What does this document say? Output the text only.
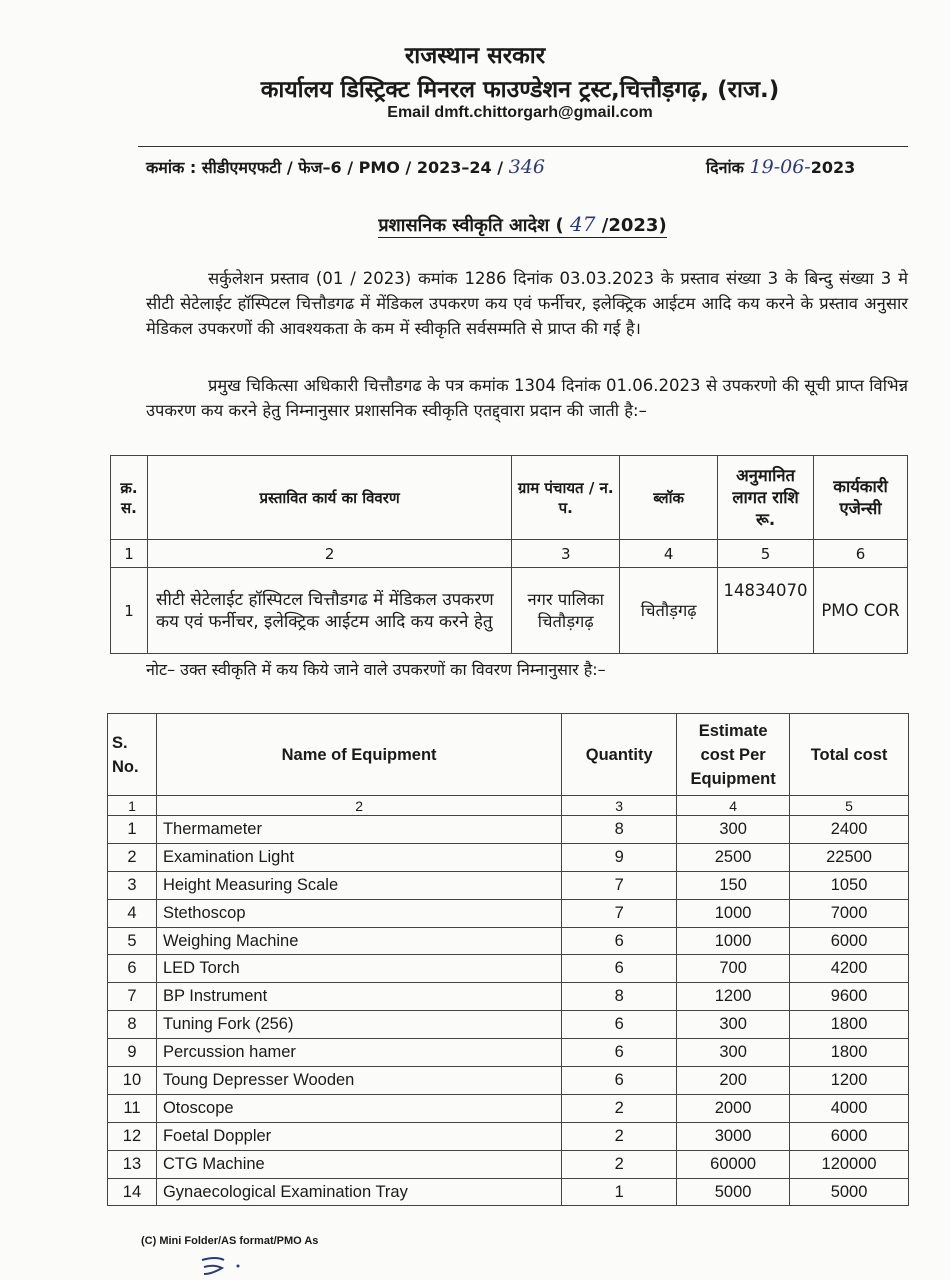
राजस्थान सरकार
कार्यालय डिस्ट्रिक्ट मिनरल फाउण्डेशन ट्रस्ट,चित्तौड़गढ़, (राज.)
Email dmft.chittorgarh@gmail.com
कमांक : सीडीएमएफटी / फेज–6 / PMO / 2023–24 / 346	दिनांक 19-06-2023
प्रशासनिक स्वीकृति आदेश ( 47 /2023)
सर्कुलेशन प्रस्ताव (01 / 2023) कमांक 1286 दिनांक 03.03.2023 के प्रस्ताव संख्या 3 के बिन्दु संख्या 3 मे सीटी सेटेलाईट हॉस्पिटल चित्तौडगढ में मेंडिकल उपकरण कय एवं फर्नीचर, इलेक्ट्रिक आईटम आदि कय करने के प्रस्ताव अनुसार मेडिकल उपकरणों की आवश्यकता के कम में स्वीकृति सर्वसम्मति से प्राप्त की गई है।
प्रमुख चिकित्सा अधिकारी चित्तौडगढ के पत्र कमांक 1304 दिनांक 01.06.2023 से उपकरणो की सूची प्राप्त विभिन्न उपकरण कय करने हेतु निम्नानुसार प्रशासनिक स्वीकृति एतद्द्वारा प्रदान की जाती है:–
क्र. स.	प्रस्तावित कार्य का विवरण	ग्राम पंचायत / न. प.	ब्लॉक	अनुमानित लागत राशि रू.	कार्यकारी एजेन्सी
1	2	3	4	5	6
1	सीटी सेटेलाईट हॉस्पिटल चित्तौडगढ में मेंडिकल उपकरण कय एवं फर्नीचर, इलेक्ट्रिक आईटम आदि कय करने हेतु	नगर पालिका चितौड़गढ़	चितौड़गढ़	14834070	PMO COR
नोट– उक्त स्वीकृति में कय किये जाने वाले उपकरणों का विवरण निम्नानुसार है:–
S. No.	Name of Equipment	Quantity	Estimate cost Per Equipment	Total cost
1	2	3	4	5
1	Thermameter	8	300	2400
2	Examination Light	9	2500	22500
3	Height Measuring Scale	7	150	1050
4	Stethoscop	7	1000	7000
5	Weighing Machine	6	1000	6000
6	LED Torch	6	700	4200
7	BP Instrument	8	1200	9600
8	Tuning Fork (256)	6	300	1800
9	Percussion hamer	6	300	1800
10	Toung Depresser Wooden	6	200	1200
11	Otoscope	2	2000	4000
12	Foetal Doppler	2	3000	6000
13	CTG Machine	2	60000	120000
14	Gynaecological Examination Tray	1	5000	5000
(C) Mini Folder/AS format/PMO As
